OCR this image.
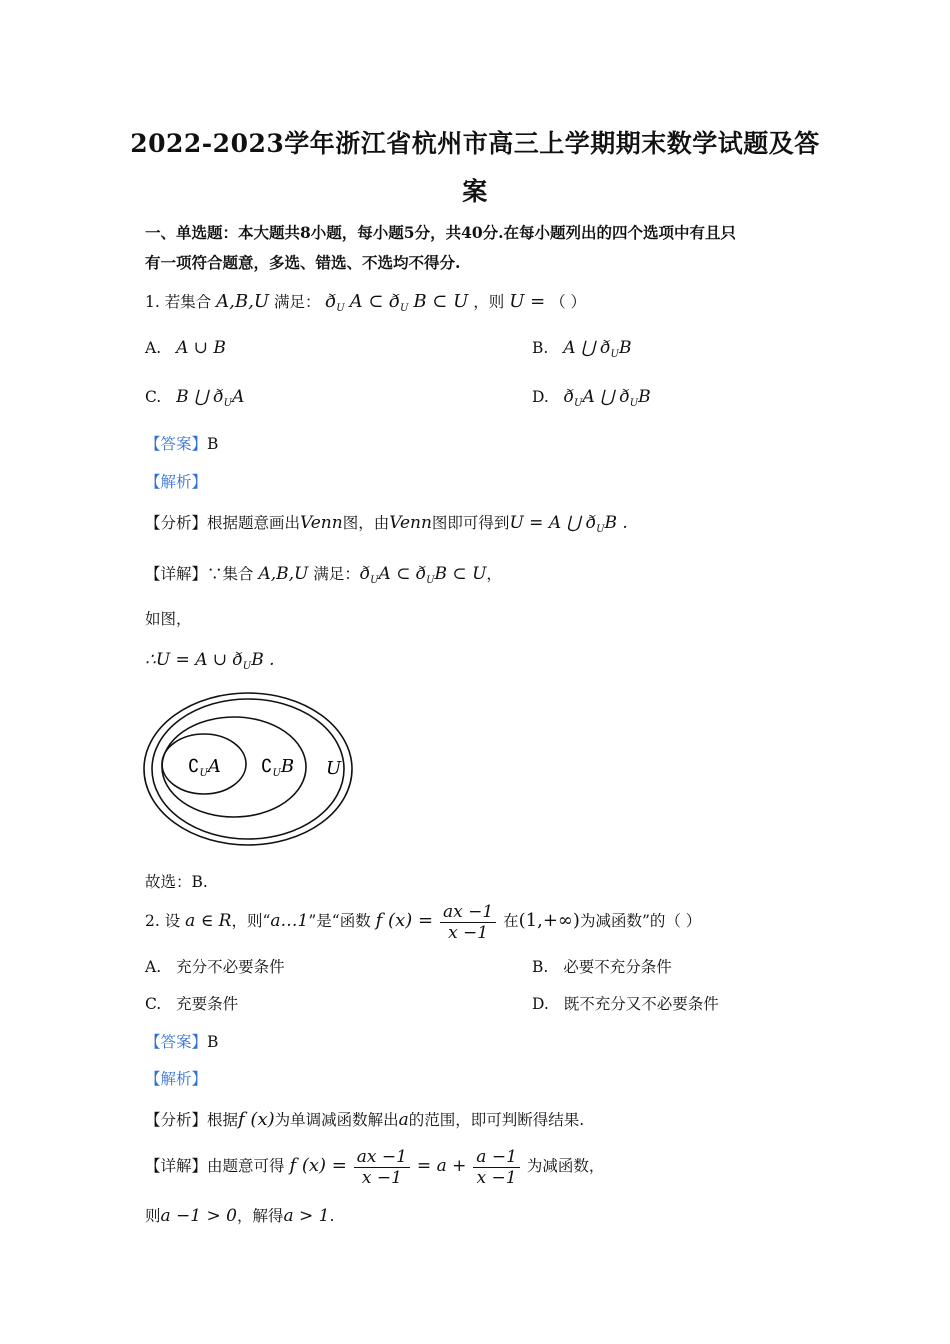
2022-2023学年浙江省杭州市高三上学期期末数学试题及答
案
一、单选题：本大题共8小题，每小题5分，共40分.在每小题列出的四个选项中有且只
有一项符合题意，多选、错选、不选均不得分.
1. 若集合 A,B,U 满足： $ð_U$ A ⊂ $ð_U$ B ⊂ U ，则 U = （ ）
A. A ∪ B	B. A ⋃ $ð_UB$
C. B ⋃ $ð_UA$	D. $ð_UA$ ⋃ $ð_UB$
【答案】B
【解析】
【分析】根据题意画出Venn图，由Venn图即可得到U = A ⋃ $ð_UB$ .
【详解】∵集合 A,B,U 满足：$ð_UA$ ⊂ $ð_UB$ ⊂ U，
如图，
∴U = A ∪ $ð_UB$ .
$∁_UA$ $∁_UB$ U
故选：B.
2. 设 a ∈ R，则“a…1”是“函数 f $(x) = \frac{ax -1}{x -1}$ 在(1,+∞)为减函数”的（ ）
A. 充分不必要条件	B. 必要不充分条件
C. 充要条件	D. 既不充分又不必要条件
【答案】B
【解析】
【分析】根据f (x)为单调减函数解出a的范围，即可判断得结果.
【详解】由题意可得 f $(x) = \frac{ax -1}{x -1} = a + \frac{a -1}{x -1}$ 为减函数，
则a −1 > 0，解得a > 1.
